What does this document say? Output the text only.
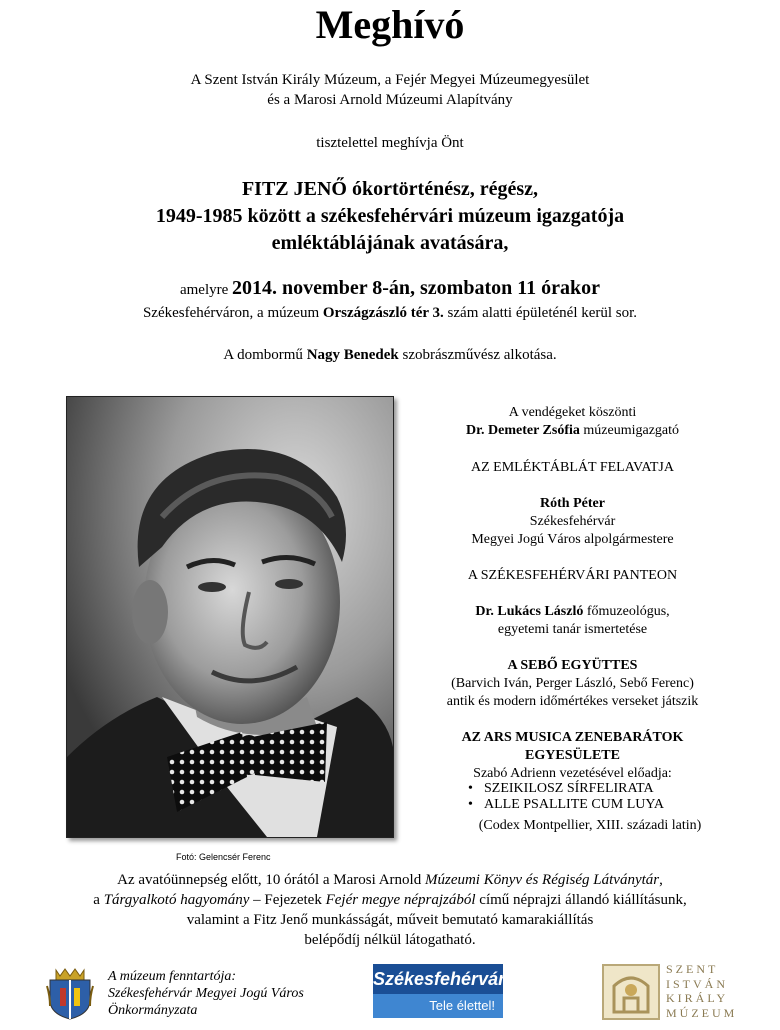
Meghívó
A Szent István Király Múzeum, a Fejér Megyei Múzeumegyesület
és a Marosi Arnold Múzeumi Alapítvány
tisztelettel meghívja Önt
FITZ JENŐ ókortörténész, régész,
1949-1985 között a székesfehérvári múzeum igazgatója
emléktáblájának avatására,
amelyre 2014. november 8-án, szombaton 11 órakor
Székesfehérváron, a múzeum Országzászló tér 3. szám alatti épületénél kerül sor.
A dombormű Nagy Benedek szobrászművész alkotása.
Fotó: Gelencsér Ferenc
A vendégeket köszönti
Dr. Demeter Zsófia múzeumigazgató
AZ EMLÉKTÁBLÁT FELAVATJA
Róth Péter
Székesfehérvár
Megyei Jogú Város alpolgármestere
A SZÉKESFEHÉRVÁRI PANTEON
Dr. Lukács László főmuzeológus,
egyetemi tanár ismertetése
A SEBŐ EGYÜTTES
(Barvich Iván, Perger László, Sebő Ferenc)
antik és modern időmértékes verseket játszik
AZ ARS MUSICA ZENEBARÁTOK
EGYESÜLETE
Szabó Adrienn vezetésével előadja:
• SZEIKILOSZ SÍRFELIRATA
• ALLE PSALLITE CUM LUYA
(Codex Montpellier, XIII. századi latin)
Az avatóünnepség előtt, 10 órától a Marosi Arnold Múzeumi Könyv és Régiség Látványtár,
a Tárgyalkotó hagyomány – Fejezetek Fejér megye néprajzából című néprajzi állandó kiállításunk,
valamint a Fitz Jenő munkásságát, műveit bemutató kamarakiállítás
belépődíj nélkül látogatható.
A múzeum fenntartója:
Székesfehérvár Megyei Jogú Város
Önkormányzata
Székesfehérvár
Tele élettel!
SZENT
ISTVÁN
KIRÁLY
MÚZEUM
